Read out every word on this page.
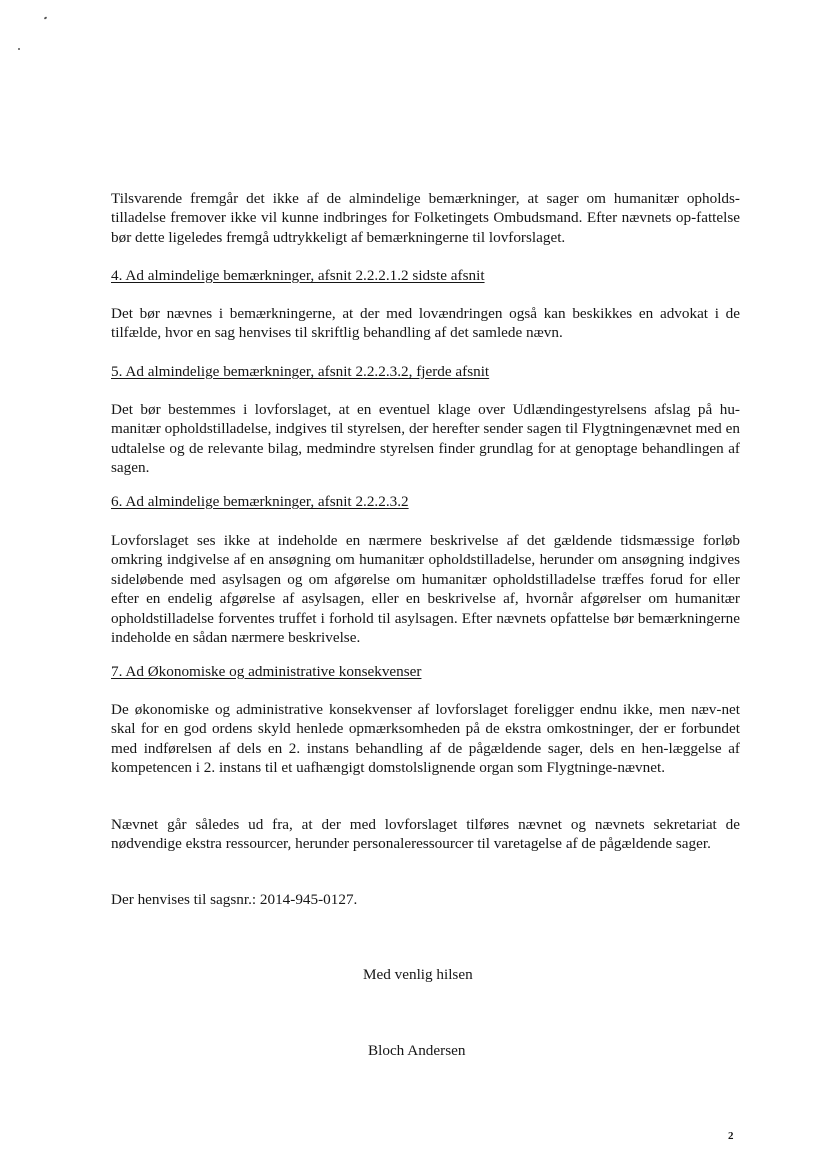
Tilsvarende fremgår det ikke af de almindelige bemærkninger, at sager om humanitær opholds-tilladelse fremover ikke vil kunne indbringes for Folketingets Ombudsmand. Efter nævnets op-fattelse bør dette ligeledes fremgå udtrykkeligt af bemærkningerne til lovforslaget.

4. Ad almindelige bemærkninger, afsnit 2.2.2.1.2 sidste afsnit

Det bør nævnes i bemærkningerne, at der med lovændringen også kan beskikkes en advokat i de tilfælde, hvor en sag henvises til skriftlig behandling af det samlede nævn.

5. Ad almindelige bemærkninger, afsnit 2.2.2.3.2, fjerde afsnit

Det bør bestemmes i lovforslaget, at en eventuel klage over Udlændingestyrelsens afslag på hu-manitær opholdstilladelse, indgives til styrelsen, der herefter sender sagen til Flygtningenævnet med en udtalelse og de relevante bilag, medmindre styrelsen finder grundlag for at genoptage behandlingen af sagen.

6. Ad almindelige bemærkninger, afsnit 2.2.2.3.2

Lovforslaget ses ikke at indeholde en nærmere beskrivelse af det gældende tidsmæssige forløb omkring indgivelse af en ansøgning om humanitær opholdstilladelse, herunder om ansøgning indgives sideløbende med asylsagen og om afgørelse om humanitær opholdstilladelse træffes forud for eller efter en endelig afgørelse af asylsagen, eller en beskrivelse af, hvornår afgørelser om humanitær opholdstilladelse forventes truffet i forhold til asylsagen. Efter nævnets opfattelse bør bemærkningerne indeholde en sådan nærmere beskrivelse.

7. Ad Økonomiske og administrative konsekvenser

De økonomiske og administrative konsekvenser af lovforslaget foreligger endnu ikke, men næv-net skal for en god ordens skyld henlede opmærksomheden på de ekstra omkostninger, der er forbundet med indførelsen af dels en 2. instans behandling af de pågældende sager, dels en hen-læggelse af kompetencen i 2. instans til et uafhængigt domstolslignende organ som Flygtninge-nævnet.

Nævnet går således ud fra, at der med lovforslaget tilføres nævnet og nævnets sekretariat de nødvendige ekstra ressourcer, herunder personaleressourcer til varetagelse af de pågældende sager.

Der henvises til sagsnr.: 2014-945-0127.

Med venlig hilsen

Bloch Andersen

2
